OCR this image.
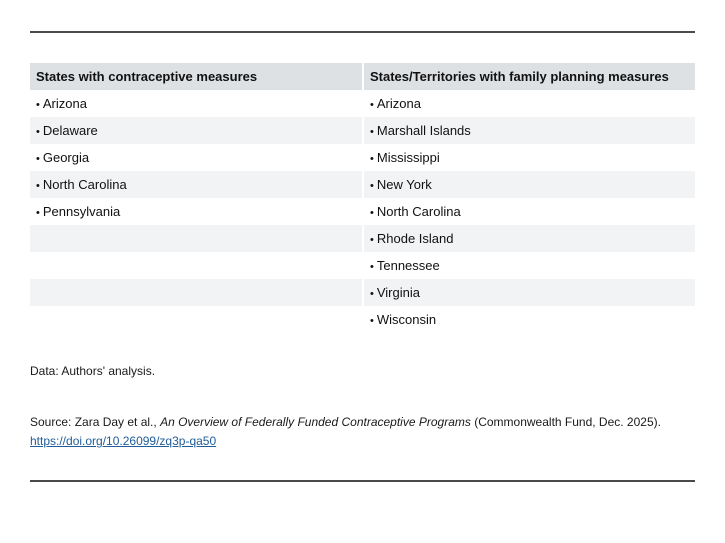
States with contraceptive measures	States/Territories with family planning measures
• Arizona	• Arizona
• Delaware	• Marshall Islands
• Georgia	• Mississippi
• North Carolina	• New York
• Pennsylvania	• North Carolina
	• Rhode Island
	• Tennessee
	• Virginia
	• Wisconsin
Data: Authors' analysis.
Source: Zara Day et al., An Overview of Federally Funded Contraceptive Programs (Commonwealth Fund, Dec. 2025).
https://doi.org/10.26099/zq3p-qa50
